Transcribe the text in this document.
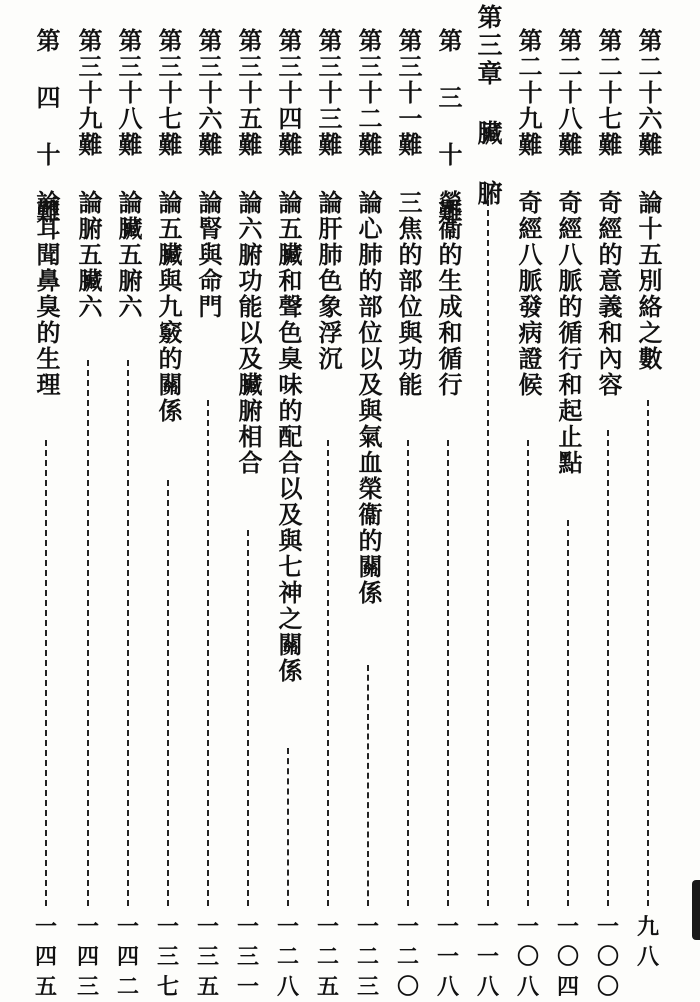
第二十六難
論十五別絡之數
九八
第二十七難
奇經的意義和內容
一〇〇
第二十八難
奇經八脈的循行和起止點
一〇四
第二十九難
奇經八脈發病證候
一〇八
第三章 臟 腑
一一八
第 三 十 難
榮衞的生成和循行
一一八
第三十一難
三焦的部位與功能
一二〇
第三十二難
論心肺的部位以及與氣血榮衞的關係
一二三
第三十三難
論肝肺色象浮沉
一二五
第三十四難
論五臟和聲色臭味的配合以及與七神之關係
一二八
第三十五難
論六腑功能以及臟腑相合
一三一
第三十六難
論腎與命門
一三五
第三十七難
論五臟與九竅的關係
一三七
第三十八難
論臟五腑六
一四二
第三十九難
論腑五臟六
一四三
第 四 十 難
論耳聞鼻臭的生理
一四五
